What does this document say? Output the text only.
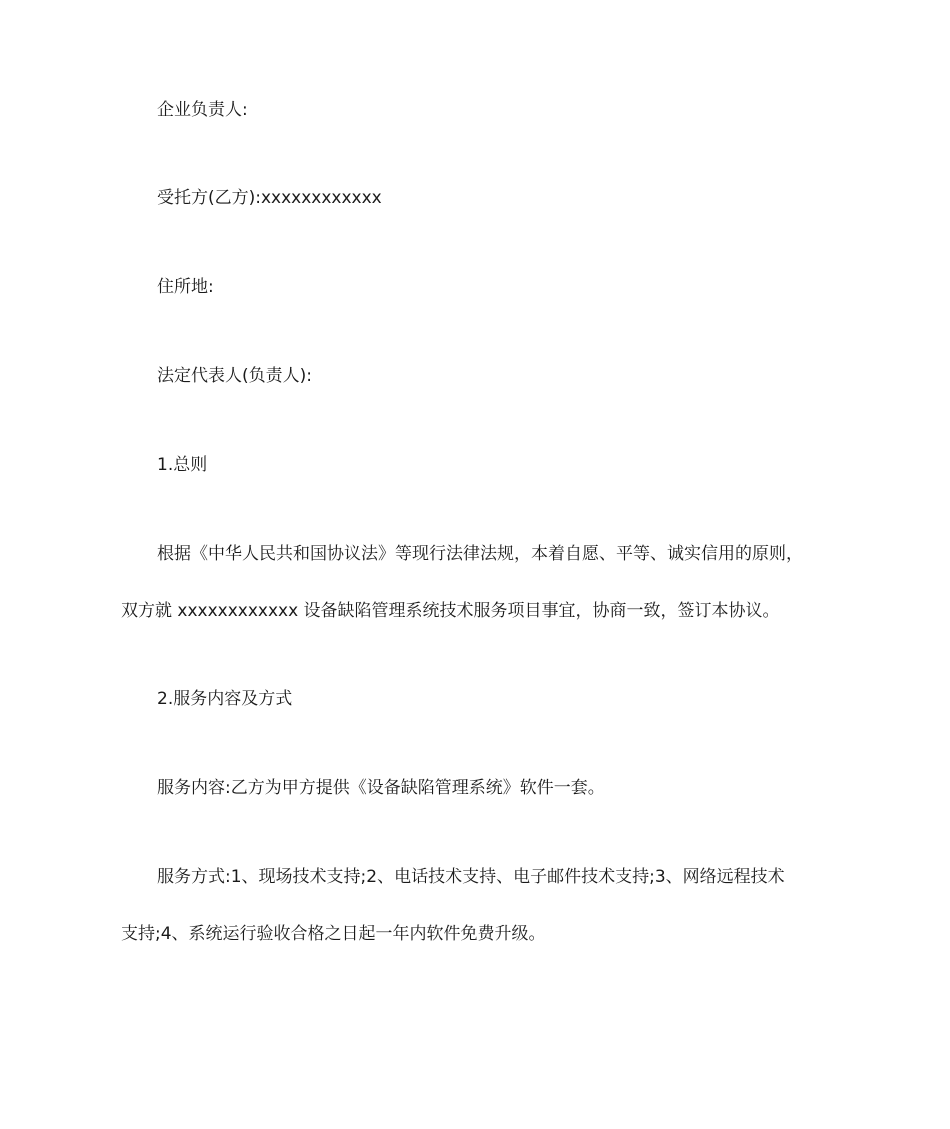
企业负责人:
受托方(乙方):xxxxxxxxxxxx
住所地:
法定代表人(负责人):
1.总则
根据《中华人民共和国协议法》等现行法律法规，本着自愿、平等、诚实信用的原则，
双方就 xxxxxxxxxxxx 设备缺陷管理系统技术服务项目事宜，协商一致，签订本协议。
2.服务内容及方式
服务内容:乙方为甲方提供《设备缺陷管理系统》软件一套。
服务方式:1、现场技术支持;2、电话技术支持、电子邮件技术支持;3、网络远程技术
支持;4、系统运行验收合格之日起一年内软件免费升级。
